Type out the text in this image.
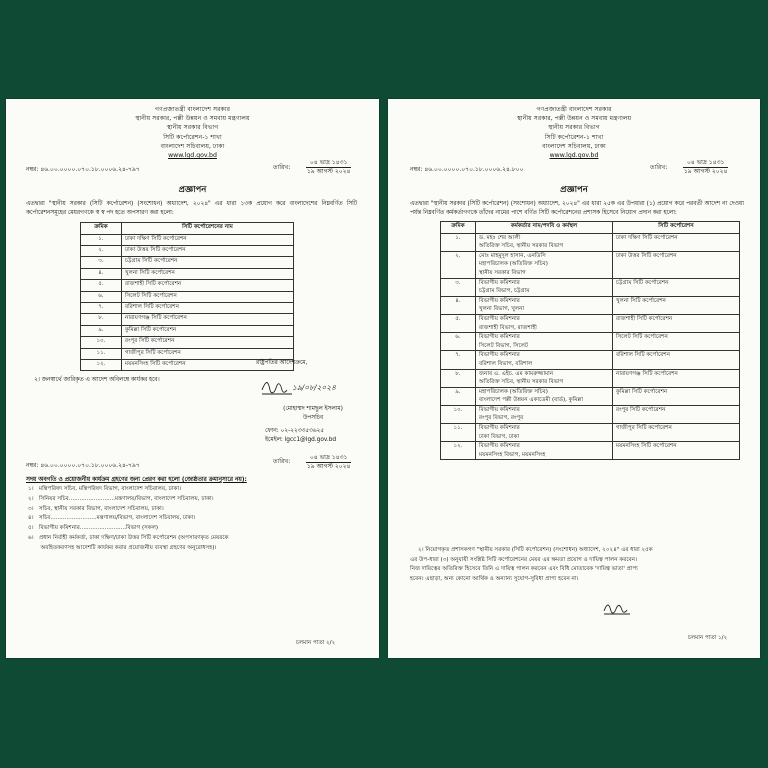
গণপ্রজাতন্ত্রী বাংলাদেশ সরকার
স্থানীয় সরকার, পল্লী উন্নয়ন ও সমবায় মন্ত্রণালয়
স্থানীয় সরকার বিভাগ
সিটি কর্পোরেশন-১ শাখা
বাংলাদেশ সচিবালয়, ঢাকা
www.lgd.gov.bd
নম্বর: ৪৬.০০.০০০০.০৭০.১৮.০০০৬.২৪-৭৯৭	তারিখ:
০৪ ভাদ্র ১৪৩১
১৯ আগস্ট ২০২৪
প্রজ্ঞাপন
এতদ্বারা "স্থানীয় সরকার (সিটি কর্পোরেশন) (সংশোধন) অধ্যাদেশ, ২০২৪" এর ধারা ১৩ক প্রয়োগ করে বাংলাদেশের নিম্নবর্ণিত সিটি কর্পোরেশনসমূহের মেয়রগণকে স্ব স্ব পদ হতে অপসারণ করা হলো:
ক্রমিক	সিটি কর্পোরেশনের নাম
১.	ঢাকা দক্ষিণ সিটি কর্পোরেশন
২.	ঢাকা উত্তর সিটি কর্পোরেশন
৩.	চট্টগ্রাম সিটি কর্পোরেশন
৪.	খুলনা সিটি কর্পোরেশন
৫.	রাজশাহী সিটি কর্পোরেশন
৬.	সিলেট সিটি কর্পোরেশন
৭.	বরিশাল সিটি কর্পোরেশন
৮.	নারায়ণগঞ্জ সিটি কর্পোরেশন
৯.	কুমিল্লা সিটি কর্পোরেশন
১০.	রংপুর সিটি কর্পোরেশন
১১.	গাজীপুর সিটি কর্পোরেশন
১২.	ময়মনসিংহ সিটি কর্পোরেশন
২। জনস্বার্থে জারিকৃত এ আদেশ অবিলম্বে কার্যকর হবে।
রাষ্ট্রপতির আদেশক্রমে,
১৯/০৮/২০২৪
(মোহাম্মদ শামছুল ইসলাম)
উপসচিব
ফোন: ০২-২২৩৩৫৩৬২৫
ইমেইল: lgcc1@lgd.gov.bd
নম্বর: ৪৬.০০.০০০০.০৭০.১৮.০০০৬.২৪-৭৯৭
তারিখ:
০৪ ভাদ্র ১৪৩১
১৯ আগস্ট ২০২৪
সদয় অবগতি ও প্রয়োজনীয় কার্যক্রম গ্রহণের জন্য প্রেরণ করা হলো (জ্যেষ্ঠতার ক্রমানুসারে নয়):
১।   মন্ত্রিপরিষদ সচিব, মন্ত্রিপরিষদ বিভাগ, বাংলাদেশ সচিবালয়, ঢাকা।
২।   সিনিয়র সচিব..........................মন্ত্রণালয়/বিভাগ, বাংলাদেশ সচিবালয়, ঢাকা।
৩।   সচিব, স্থানীয় সরকার বিভাগ, বাংলাদেশ সচিবালয়, ঢাকা।
৪।   সচিব..........................মন্ত্রণালয়/বিভাগ, বাংলাদেশ সচিবালয়, ঢাকা।
৫।   বিভাগীয় কমিশনার..........................বিভাগ (সকল)
৬।   প্রধান নির্বাহী কর্মকর্তা, ঢাকা দক্ষিণ/ঢাকা উত্তর সিটি কর্পোরেশন (অপসারণকৃত মেয়রকে
অবহিতকরণসহ আদেশটি কার্যকর করার প্রয়োজনীয় ব্যবস্থা গ্রহণের অনুরোধসহ)।
চলমান পাতা ২/২
গণপ্রজাতন্ত্রী বাংলাদেশ সরকার
স্থানীয় সরকার, পল্লী উন্নয়ন ও সমবায় মন্ত্রণালয়
স্থানীয় সরকার বিভাগ
সিটি কর্পোরেশন-১ শাখা
বাংলাদেশ সচিবালয়, ঢাকা
www.lgd.gov.bd
নম্বর: ৪৬.০০.০০০০.০৭০.১৮.০০০৬.২৪.৮০০	তারিখ:
০৪ ভাদ্র ১৪৩১
১৯ আগস্ট ২০২৪
প্রজ্ঞাপন
এতদ্বারা "স্থানীয় সরকার (সিটি কর্পোরেশন) (সংশোধন) অধ্যাদেশ, ২০২৪" এর ধারা ২৫ক এর উপধারা (১) প্রয়োগ করে পরবর্তী আদেশ না দেওয়া পর্যন্ত নিম্নবর্ণিত কর্মকর্তাগণকে তাঁদের নামের পাশে বর্ণিত সিটি কর্পোরেশনের প্রশাসক হিসেবে নিয়োগ প্রদান করা হলো:
ক্রমিক	কর্মকর্তার নাম/পদবি ও কর্মস্থল	সিটি কর্পোরেশন
১.	ড. মহঃ শের আলী
অতিরিক্ত সচিব, স্থানীয় সরকার বিভাগ	ঢাকা দক্ষিণ সিটি কর্পোরেশন
২.	মোঃ মাহমুদুল হাসান, এনডিসি
মহাপরিচালক (অতিরিক্ত সচিব)
স্থানীয় সরকার বিভাগ	ঢাকা উত্তর সিটি কর্পোরেশন
৩.	বিভাগীয় কমিশনার
চট্টগ্রাম বিভাগ, চট্টগ্রাম	চট্টগ্রাম সিটি কর্পোরেশন
৪.	বিভাগীয় কমিশনার
খুলনা বিভাগ, খুলনা	খুলনা সিটি কর্পোরেশন
৫.	বিভাগীয় কমিশনার
রাজশাহী বিভাগ, রাজশাহী	রাজশাহী সিটি কর্পোরেশন
৬.	বিভাগীয় কমিশনার
সিলেট বিভাগ, সিলেট	সিলেট সিটি কর্পোরেশন
৭.	বিভাগীয় কমিশনার
বরিশাল বিভাগ, বরিশাল	বরিশাল সিটি কর্পোরেশন
৮.	জনাব এ. এইচ. এম কামরুজ্জামান
অতিরিক্ত সচিব, স্থানীয় সরকার বিভাগ	নারায়ণগঞ্জ সিটি কর্পোরেশন
৯.	মহাপরিচালক (অতিরিক্ত সচিব)
বাংলাদেশ পল্লী উন্নয়ন একাডেমী (বার্ড), কুমিল্লা	কুমিল্লা সিটি কর্পোরেশন
১০.	বিভাগীয় কমিশনার
রংপুর বিভাগ, রংপুর	রংপুর সিটি কর্পোরেশন
১১.	বিভাগীয় কমিশনার
ঢাকা বিভাগ, ঢাকা	গাজীপুর সিটি কর্পোরেশন
১২.	বিভাগীয় কমিশনার
ময়মনসিংহ বিভাগ, ময়মনসিংহ	ময়মনসিংহ সিটি কর্পোরেশন
২। নিয়োগকৃত প্রশাসকগণ "স্থানীয় সরকার (সিটি কর্পোরেশন) (সংশোধন) অধ্যাদেশ, ২০২৪" এর ধারা ২৫ক
এর উপ-ধারা (৩) অনুযায়ী সংশ্লিষ্ট সিটি কর্পোরেশনের মেয়র এর ক্ষমতা প্রয়োগ ও দায়িত্ব পালন করবেন।
নিজ দায়িত্বের অতিরিক্ত হিসেবে তিনি এ দায়িত্ব পালন করবেন এবং বিধি মোতাবেক 'দায়িত্ব ভাতা' প্রাপ্য
হবেন। এছাড়া, অন্য কোনো আর্থিক ও অন্যান্য সুযোগ-সুবিধা প্রাপ্য হবেন না।
চলমান পাতা ১/২
